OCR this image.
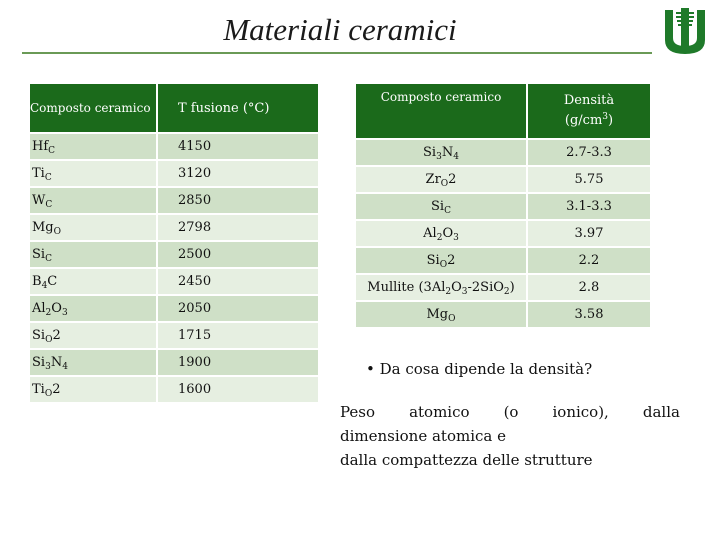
Materiali ceramici
Composto ceramico	T fusione (°C)
$Hf_C$	4150
$Ti_C$	3120
$W_C$	2850
$Mg_O$	2798
$Si_C$	2500
$B_4C$	2450
$Al_2O_3$	2050
$Si_O2$	1715
$Si_3N_4$	1900
$Ti_O2$	1600
Composto ceramico	Densità
$(g/cm^3)$
$Si_3N_4$	2.7-3.3
$Zr_O2$	5.75
$Si_C$	3.1-3.3
$Al_2O_3$	3.97
$Si_O2$	2.2
Mullite $(3Al_2O_3-2SiO_2)$	2.8
$Mg_O$	3.58
• Da cosa dipende la densità?
Peso atomico (o ionico), dalla
dimensione atomica e
dalla compattezza delle strutture
